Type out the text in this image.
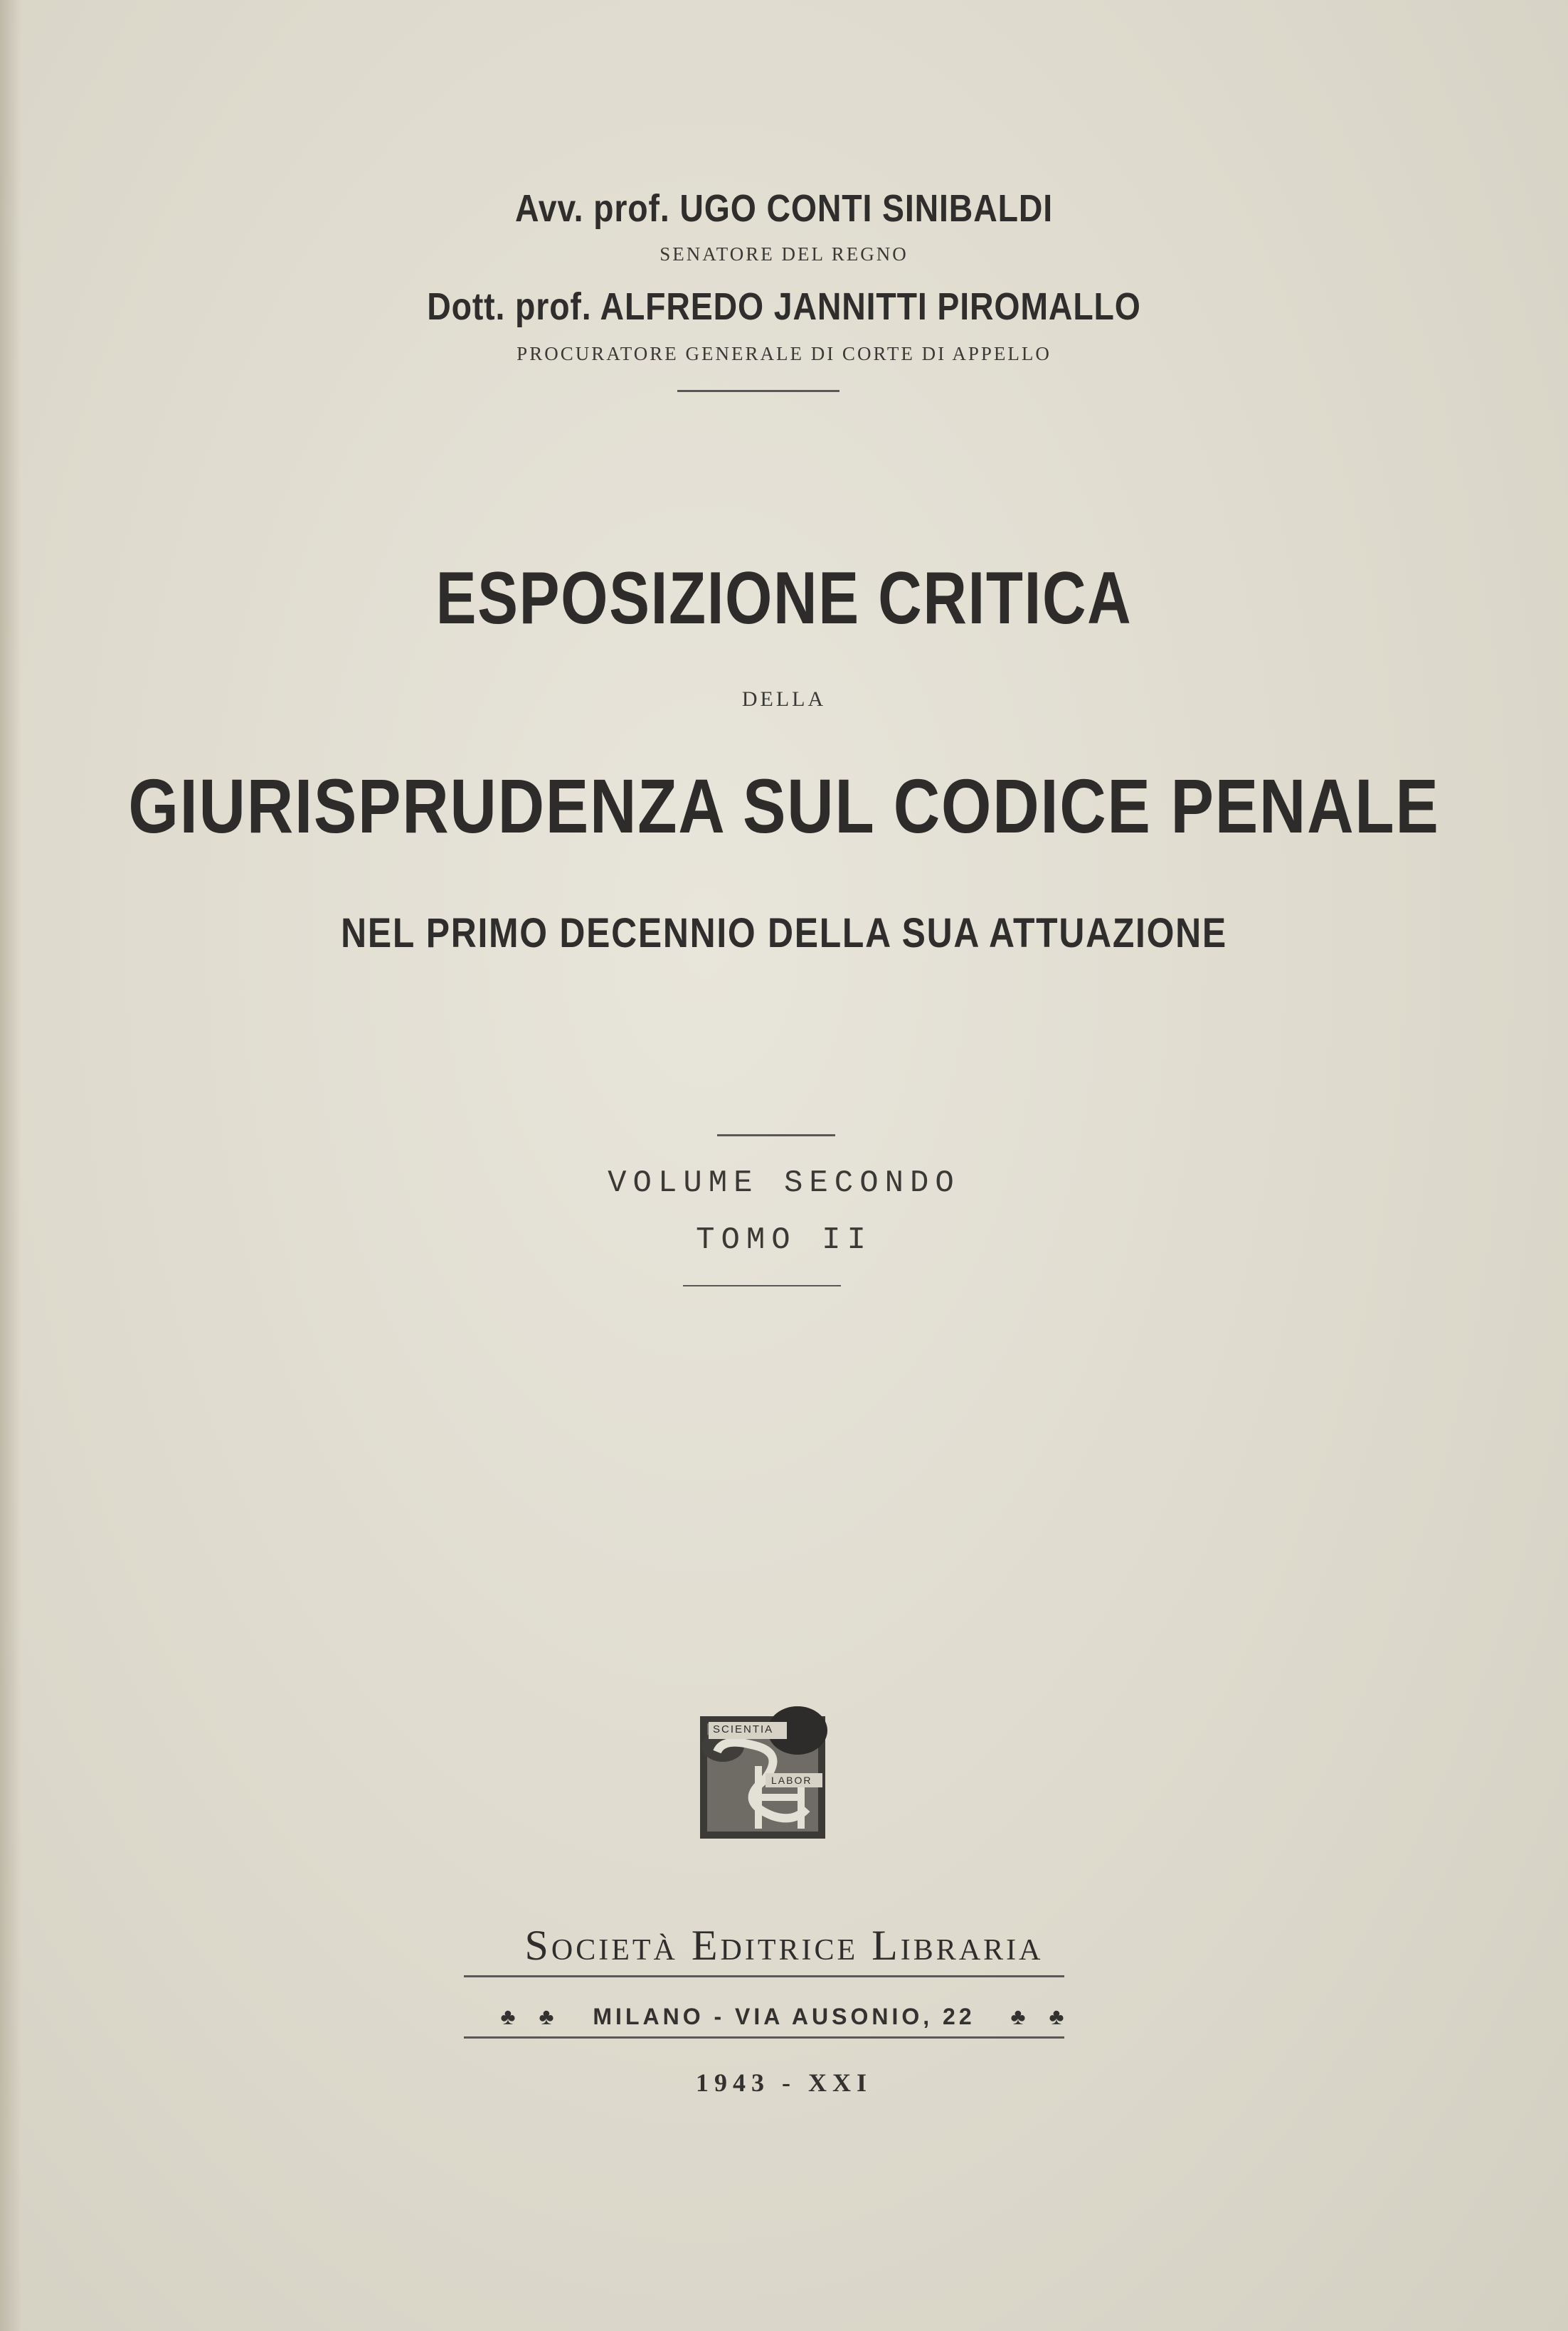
Avv. prof. UGO CONTI SINIBALDI
SENATORE DEL REGNO
Dott. prof. ALFREDO JANNITTI PIROMALLO
PROCURATORE GENERALE DI CORTE DI APPELLO
ESPOSIZIONE CRITICA
DELLA
GIURISPRUDENZA SUL CODICE PENALE
NEL PRIMO DECENNIO DELLA SUA ATTUAZIONE
VOLUME SECONDO
TOMO II
SCIENTIA
LABOR
Società Editrice Libraria
♣ ♣ MILANO - VIA AUSONIO, 22 ♣ ♣
1943 - XXI
